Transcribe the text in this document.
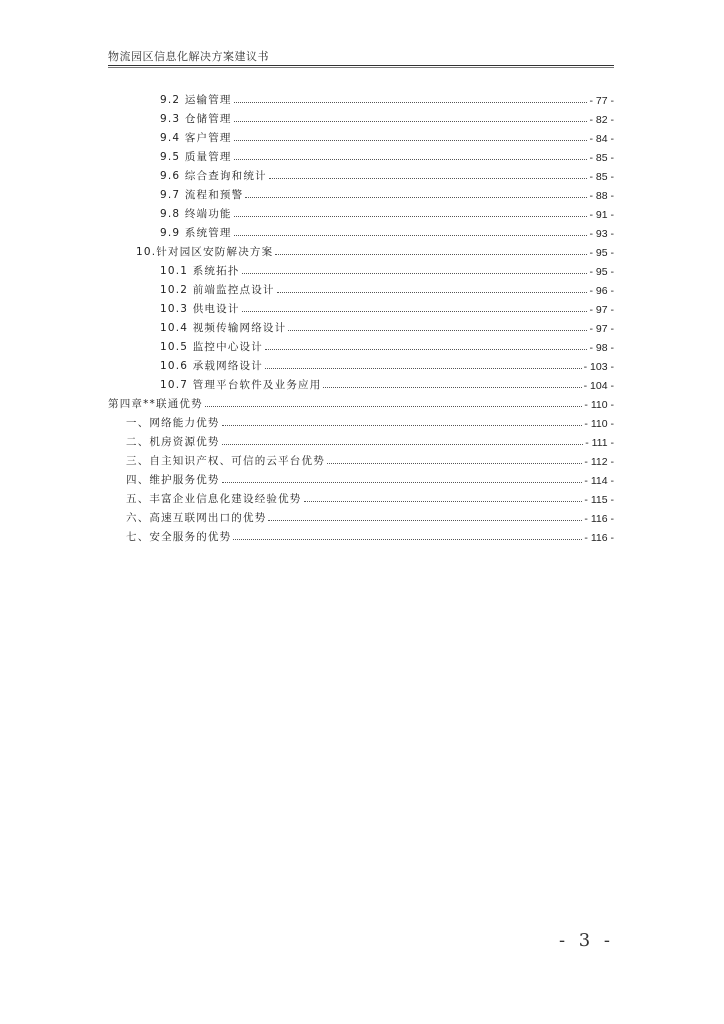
物流园区信息化解决方案建议书
9.2 运输管理	- 77 -
9.3 仓储管理	- 82 -
9.4 客户管理	- 84 -
9.5 质量管理	- 85 -
9.6 综合查询和统计	- 85 -
9.7 流程和预警	- 88 -
9.8 终端功能	- 91 -
9.9 系统管理	- 93 -
10.针对园区安防解决方案	- 95 -
10.1 系统拓扑	- 95 -
10.2 前端监控点设计	- 96 -
10.3 供电设计	- 97 -
10.4 视频传输网络设计	- 97 -
10.5 监控中心设计	- 98 -
10.6 承载网络设计	- 103 -
10.7 管理平台软件及业务应用	- 104 -
第四章**联通优势	- 110 -
一、网络能力优势	- 110 -
二、机房资源优势	- 111 -
三、自主知识产权、可信的云平台优势	- 112 -
四、维护服务优势	- 114 -
五、丰富企业信息化建设经验优势	- 115 -
六、高速互联网出口的优势	- 116 -
七、安全服务的优势	- 116 -
- 3 -
